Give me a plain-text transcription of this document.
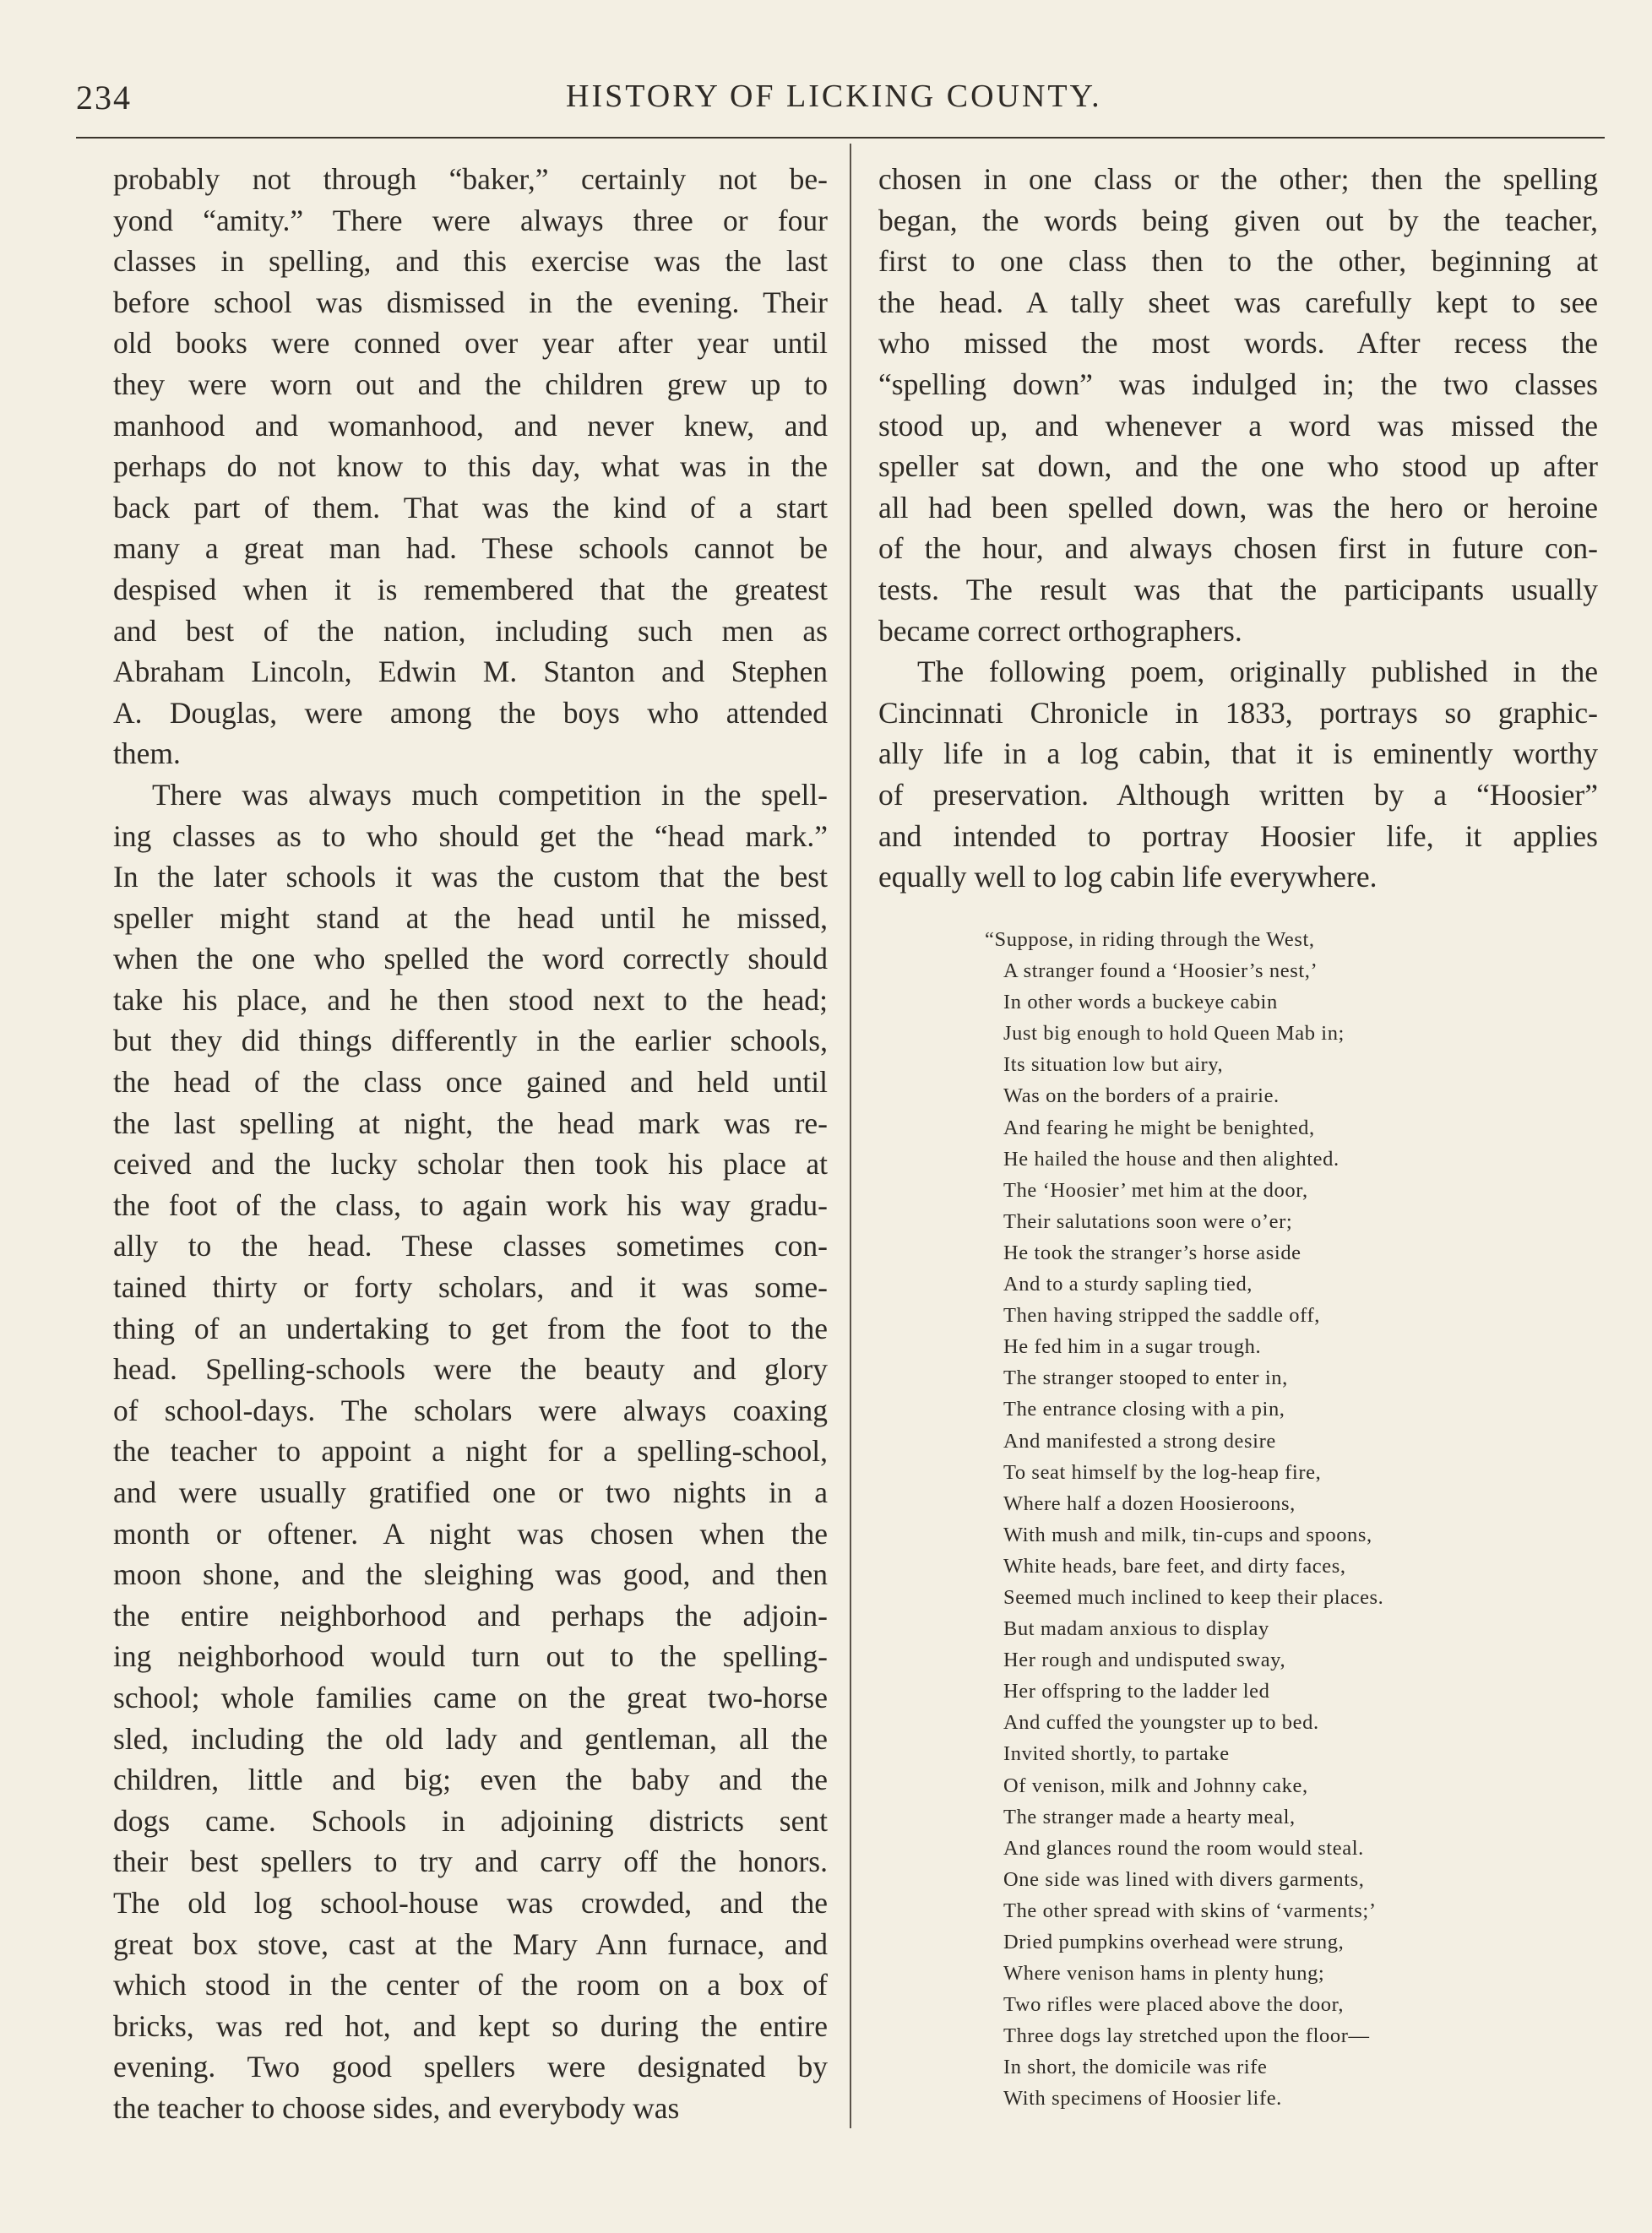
234	HISTORY OF LICKING COUNTY.

probably not through “baker,” certainly not be-
yond “amity.” There were always three or four
classes in spelling, and this exercise was the last
before school was dismissed in the evening. Their
old books were conned over year after year until
they were worn out and the children grew up to
manhood and womanhood, and never knew, and
perhaps do not know to this day, what was in the
back part of them. That was the kind of a start
many a great man had. These schools cannot be
despised when it is remembered that the greatest
and best of the nation, including such men as
Abraham Lincoln, Edwin M. Stanton and Stephen
A. Douglas, were among the boys who attended
them.

There was always much competition in the spell-
ing classes as to who should get the “head mark.”
In the later schools it was the custom that the best
speller might stand at the head until he missed,
when the one who spelled the word correctly should
take his place, and he then stood next to the head;
but they did things differently in the earlier schools,
the head of the class once gained and held until
the last spelling at night, the head mark was re-
ceived and the lucky scholar then took his place at
the foot of the class, to again work his way gradu-
ally to the head. These classes sometimes con-
tained thirty or forty scholars, and it was some-
thing of an undertaking to get from the foot to the
head. Spelling-schools were the beauty and glory
of school-days. The scholars were always coaxing
the teacher to appoint a night for a spelling-school,
and were usually gratified one or two nights in a
month or oftener. A night was chosen when the
moon shone, and the sleighing was good, and then
the entire neighborhood and perhaps the adjoin-
ing neighborhood would turn out to the spelling-
school; whole families came on the great two-horse
sled, including the old lady and gentleman, all the
children, little and big; even the baby and the
dogs came. Schools in adjoining districts sent
their best spellers to try and carry off the honors.
The old log school-house was crowded, and the
great box stove, cast at the Mary Ann furnace, and
which stood in the center of the room on a box of
bricks, was red hot, and kept so during the entire
evening. Two good spellers were designated by
the teacher to choose sides, and everybody was

chosen in one class or the other; then the spelling
began, the words being given out by the teacher,
first to one class then to the other, beginning at
the head. A tally sheet was carefully kept to see
who missed the most words. After recess the
“spelling down” was indulged in; the two classes
stood up, and whenever a word was missed the
speller sat down, and the one who stood up after
all had been spelled down, was the hero or heroine
of the hour, and always chosen first in future con-
tests. The result was that the participants usually
became correct orthographers.

The following poem, originally published in the
Cincinnati Chronicle in 1833, portrays so graphic-
ally life in a log cabin, that it is eminently worthy
of preservation. Although written by a “Hoosier”
and intended to portray Hoosier life, it applies
equally well to log cabin life everywhere.

“Suppose, in riding through the West,
A stranger found a ‘Hoosier’s nest,’
In other words a buckeye cabin
Just big enough to hold Queen Mab in;
Its situation low but airy,
Was on the borders of a prairie.
And fearing he might be benighted,
He hailed the house and then alighted.
The ‘Hoosier’ met him at the door,
Their salutations soon were o’er;
He took the stranger’s horse aside
And to a sturdy sapling tied,
Then having stripped the saddle off,
He fed him in a sugar trough.
The stranger stooped to enter in,
The entrance closing with a pin,
And manifested a strong desire
To seat himself by the log-heap fire,
Where half a dozen Hoosieroons,
With mush and milk, tin-cups and spoons,
White heads, bare feet, and dirty faces,
Seemed much inclined to keep their places.
But madam anxious to display
Her rough and undisputed sway,
Her offspring to the ladder led
And cuffed the youngster up to bed.
Invited shortly, to partake
Of venison, milk and Johnny cake,
The stranger made a hearty meal,
And glances round the room would steal.
One side was lined with divers garments,
The other spread with skins of ‘varments;’
Dried pumpkins overhead were strung,
Where venison hams in plenty hung;
Two rifles were placed above the door,
Three dogs lay stretched upon the floor—
In short, the domicile was rife
With specimens of Hoosier life.
